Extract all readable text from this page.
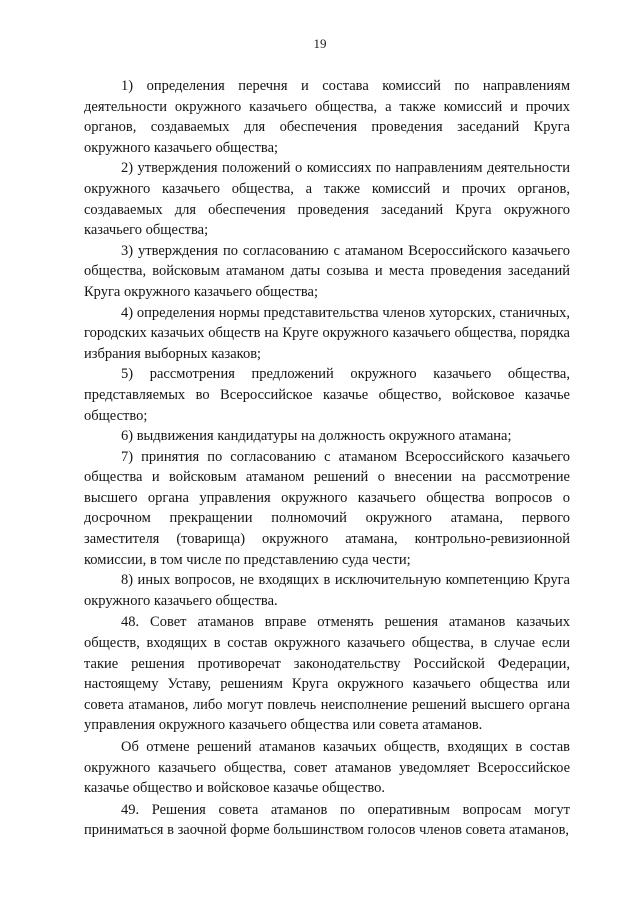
19

1) определения перечня и состава комиссий по направлениям деятельности окружного казачьего общества, а также комиссий и прочих органов, создаваемых для обеспечения проведения заседаний Круга окружного казачьего общества;

2) утверждения положений о комиссиях по направлениям деятельности окружного казачьего общества, а также комиссий и прочих органов, создаваемых для обеспечения проведения заседаний Круга окружного казачьего общества;

3) утверждения по согласованию с атаманом Всероссийского казачьего общества, войсковым атаманом даты созыва и места проведения заседаний Круга окружного казачьего общества;

4) определения нормы представительства членов хуторских, станичных, городских казачьих обществ на Круге окружного казачьего общества, порядка избрания выборных казаков;

5) рассмотрения предложений окружного казачьего общества, представляемых во Всероссийское казачье общество, войсковое казачье общество;

6) выдвижения кандидатуры на должность окружного атамана;

7) принятия по согласованию с атаманом Всероссийского казачьего общества и войсковым атаманом решений о внесении на рассмотрение высшего органа управления окружного казачьего общества вопросов о досрочном прекращении полномочий окружного атамана, первого заместителя (товарища) окружного атамана, контрольно-ревизионной комиссии, в том числе по представлению суда чести;

8) иных вопросов, не входящих в исключительную компетенцию Круга окружного казачьего общества.

48. Совет атаманов вправе отменять решения атаманов казачьих обществ, входящих в состав окружного казачьего общества, в случае если такие решения противоречат законодательству Российской Федерации, настоящему Уставу, решениям Круга окружного казачьего общества или совета атаманов, либо могут повлечь неисполнение решений высшего органа управления окружного казачьего общества или совета атаманов.

Об отмене решений атаманов казачьих обществ, входящих в состав окружного казачьего общества, совет атаманов уведомляет Всероссийское казачье общество и войсковое казачье общество.

49. Решения совета атаманов по оперативным вопросам могут приниматься в заочной форме большинством голосов членов совета атаманов,
